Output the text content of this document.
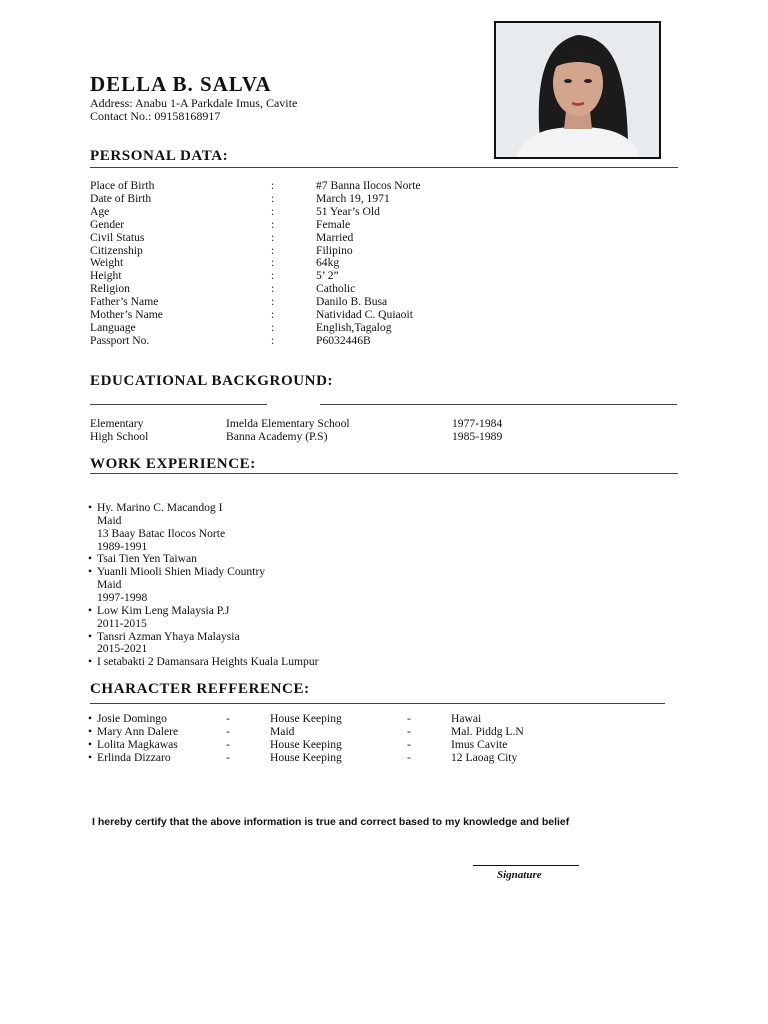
DELLA B. SALVA
Address: Anabu 1-A Parkdale Imus, Cavite
Contact No.: 09158168917
PERSONAL DATA:
Place of Birth	:	#7 Banna Ilocos Norte
Date of Birth	:	March 19, 1971
Age	:	51 Year’s Old
Gender	:	Female
Civil Status	:	Married
Citizenship	:	Filipino
Weight	:	64kg
Height	:	5’ 2”
Religion	:	Catholic
Father’s Name	:	Danilo B. Busa
Mother’s Name	:	Natividad C. Quiaoit
Language	:	English,Tagalog
Passport No.	:	P6032446B
EDUCATIONAL BACKGROUND:
Elementary	Imelda Elementary School	1977-1984
High School	Banna Academy (P.S)	1985-1989
WORK EXPERIENCE:
• Hy. Marino C. Macandog I
Maid
13 Baay Batac Ilocos Norte
1989-1991
• Tsai Tien Yen Taiwan
• Yuanli Miooli Shien Miady Country
Maid
1997-1998
• Low Kim Leng Malaysia P.J
2011-2015
• Tansri Azman Yhaya Malaysia
2015-2021
• I setabakti 2 Damansara Heights Kuala Lumpur
CHARACTER REFFERENCE:
• Josie Domingo	-	House Keeping	-	Hawai
• Mary Ann Dalere	-	Maid	-	Mal. Piddg L.N
• Lolita Magkawas	-	House Keeping	-	Imus Cavite
• Erlinda Dizzaro	-	House Keeping	-	12 Laoag City
I hereby certify that the above information is true and correct based to my knowledge and belief
Signature
